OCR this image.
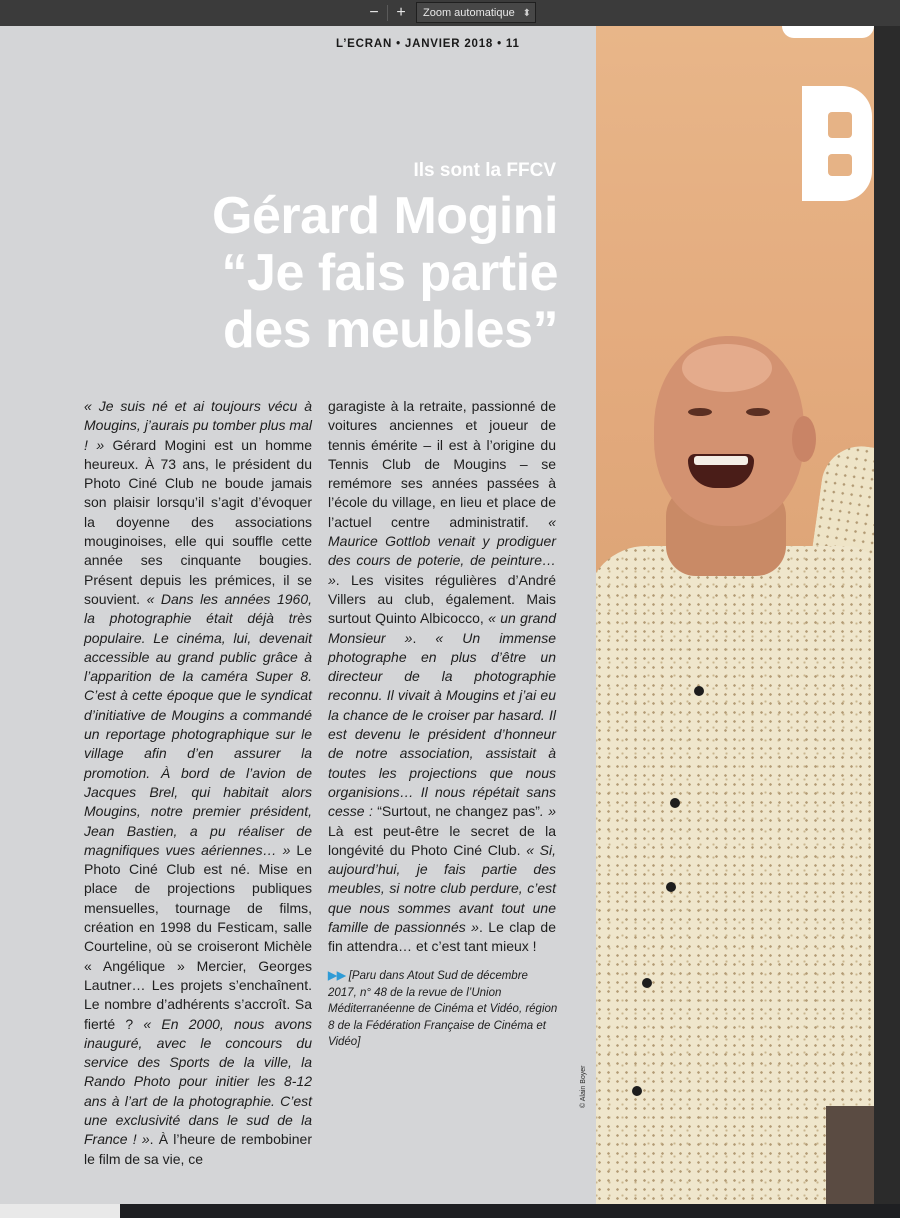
−	+	Zoom automatique ⬍
L’ECRAN • JANVIER 2018 • 11
Ils sont la FFCV
Gérard Mogini
“Je fais partie
des meubles”

« Je suis né et ai toujours vécu à Mougins, j’aurais pu tomber plus mal ! » Gérard Mogini est un homme heureux. À 73 ans, le président du Photo Ciné Club ne boude jamais son plaisir lorsqu’il s’agit d’évoquer la doyenne des associations mouginoises, elle qui souffle cette année ses cinquante bougies. Présent depuis les prémices, il se souvient. « Dans les années 1960, la photographie était déjà très populaire. Le cinéma, lui, devenait accessible au grand public grâce à l’apparition de la caméra Super 8. C’est à cette époque que le syndicat d’initiative de Mougins a commandé un reportage photographique sur le village afin d’en assurer la promotion. À bord de l’avion de Jacques Brel, qui habitait alors Mougins, notre premier président, Jean Bastien, a pu réaliser de magnifiques vues aériennes… » Le Photo Ciné Club est né. Mise en place de projections publiques mensuelles, tournage de films, création en 1998 du Festicam, salle Courteline, où se croiseront Michèle « Angélique » Mercier, Georges Lautner… Les projets s’enchaînent. Le nombre d’adhérents s’accroît. Sa fierté ? « En 2000, nous avons inauguré, avec le concours du service des Sports de la ville, la Rando Photo pour initier les 8-12 ans à l’art de la photographie. C’est une exclusivité dans le sud de la France ! ». À l’heure de rembobiner le film de sa vie, ce

garagiste à la retraite, passionné de voitures anciennes et joueur de tennis émérite – il est à l’origine du Tennis Club de Mougins – se remémore ses années passées à l’école du village, en lieu et place de l’actuel centre administratif. « Maurice Gottlob venait y prodiguer des cours de poterie, de peinture… ». Les visites régulières d’André Villers au club, également. Mais surtout Quinto Albicocco, « un grand Monsieur ». « Un immense photographe en plus d’être un directeur de la photographie reconnu. Il vivait à Mougins et j’ai eu la chance de le croiser par hasard. Il est devenu le président d’honneur de notre association, assistait à toutes les projections que nous organisions… Il nous répétait sans cesse : “Surtout, ne changez pas”. » Là est peut-être le secret de la longévité du Photo Ciné Club. « Si, aujourd’hui, je fais partie des meubles, si notre club perdure, c’est que nous sommes avant tout une famille de passionnés ». Le clap de fin attendra… et c’est tant mieux !

▶▶ [Paru dans Atout Sud de décembre 2017, n° 48 de la revue de l’Union Méditerranéenne de Cinéma et Vidéo, région 8 de la Fédération Française de Cinéma et Vidéo]
© Alain Boyer
